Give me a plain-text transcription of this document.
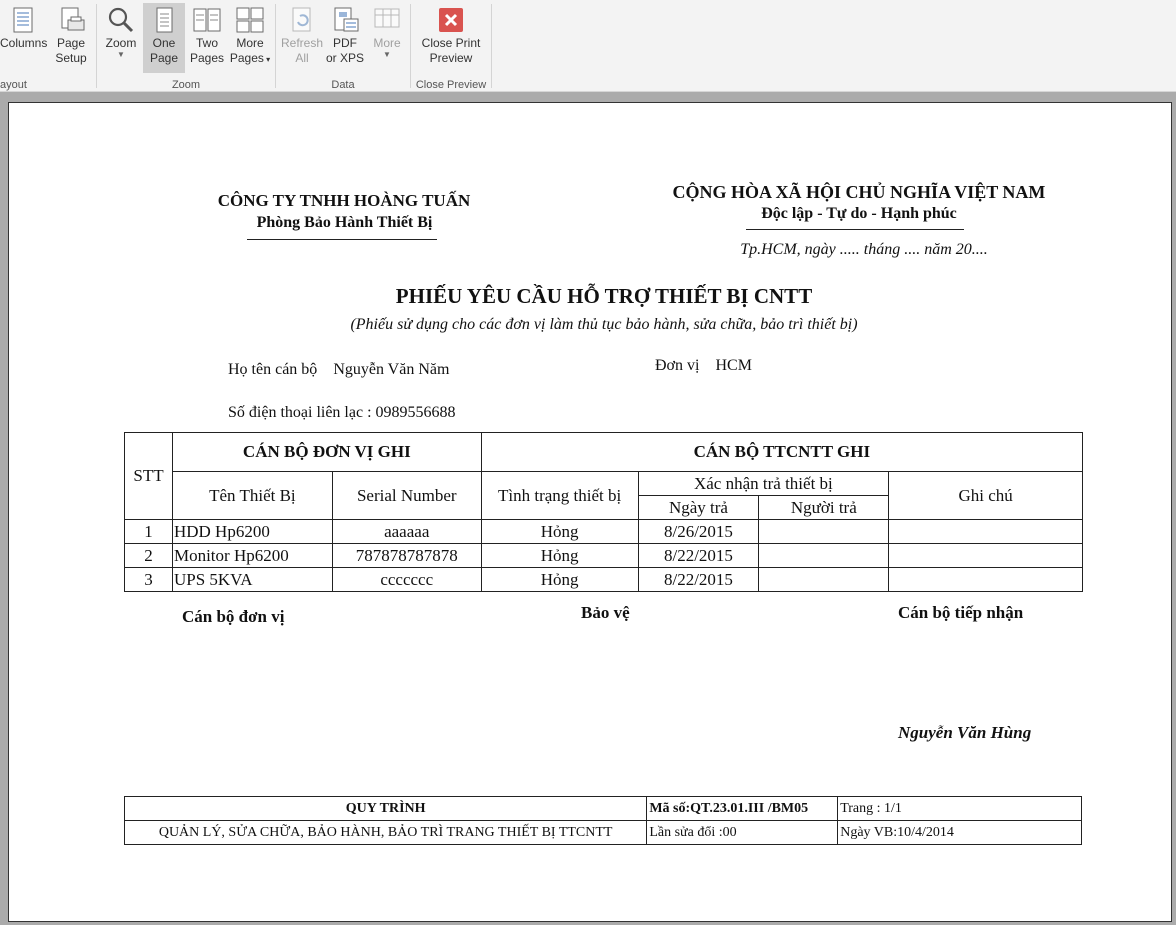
Columns Page
Setup
ayout
Zoom
▼
One
Page
Two
Pages
More
Pages ▾
Zoom
Refresh
All
PDF
or XPS
More
▼
Data
Close Print
Preview
Close Preview
CÔNG TY TNHH HOÀNG TUẤN
Phòng Bảo Hành Thiết Bị
CỘNG HÒA XÃ HỘI CHỦ NGHĨA VIỆT NAM
Độc lập - Tự do - Hạnh phúc
Tp.HCM, ngày ..... tháng .... năm 20....
PHIẾU YÊU CẦU HỖ TRỢ THIẾT BỊ CNTT
(Phiếu sử dụng cho các đơn vị làm thủ tục bảo hành, sửa chữa, bảo trì thiết bị)
Họ tên cán bộ Nguyễn Văn Năm	Đơn vị HCM
Số điện thoại liên lạc : 0989556688
STT	CÁN BỘ ĐƠN VỊ GHI		CÁN BỘ TTCNTT GHI			
	Tên Thiết Bị	Serial Number	Tình trạng thiết bị	Xác nhận trả thiết bị		Ghi chú
				Ngày trả	Người trả	
1	HDD Hp6200	aaaaaa	Hỏng	8/26/2015		
2	Monitor Hp6200	787878787878	Hỏng	8/22/2015		
3	UPS 5KVA	ccccccc	Hỏng	8/22/2015		
Cán bộ đơn vị	Bảo vệ	Cán bộ tiếp nhận
Nguyễn Văn Hùng
QUY TRÌNH	Mã số:QT.23.01.III /BM05	Trang : 1/1
QUẢN LÝ, SỬA CHỮA, BẢO HÀNH, BẢO TRÌ TRANG THIẾT BỊ TTCNTT	Lần sửa đổi :00	Ngày VB:10/4/2014
